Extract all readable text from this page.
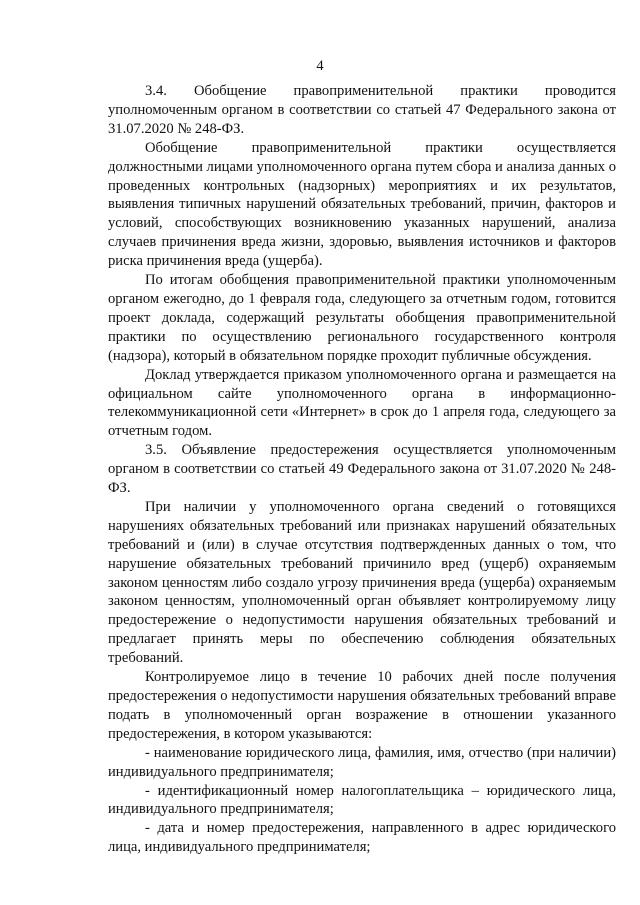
4

3.4. Обобщение правоприменительной практики проводится уполномоченным органом в соответствии со статьей 47 Федерального закона от 31.07.2020 № 248-ФЗ.

Обобщение правоприменительной практики осуществляется должностными лицами уполномоченного органа путем сбора и анализа данных о проведенных контрольных (надзорных) мероприятиях и их результатов, выявления типичных нарушений обязательных требований, причин, факторов и условий, способствующих возникновению указанных нарушений, анализа случаев причинения вреда жизни, здоровью, выявления источников и факторов риска причинения вреда (ущерба).

По итогам обобщения правоприменительной практики уполномоченным органом ежегодно, до 1 февраля года, следующего за отчетным годом, готовится проект доклада, содержащий результаты обобщения правоприменительной практики по осуществлению регионального государственного контроля (надзора), который в обязательном порядке проходит публичные обсуждения.

Доклад утверждается приказом уполномоченного органа и размещается на официальном сайте уполномоченного органа в информационно-телекоммуникационной сети «Интернет» в срок до 1 апреля года, следующего за отчетным годом.

3.5. Объявление предостережения осуществляется уполномоченным органом в соответствии со статьей 49 Федерального закона от 31.07.2020 № 248-ФЗ.

При наличии у уполномоченного органа сведений о готовящихся нарушениях обязательных требований или признаках нарушений обязательных требований и (или) в случае отсутствия подтвержденных данных о том, что нарушение обязательных требований причинило вред (ущерб) охраняемым законом ценностям либо создало угрозу причинения вреда (ущерба) охраняемым законом ценностям, уполномоченный орган объявляет контролируемому лицу предостережение о недопустимости нарушения обязательных требований и предлагает принять меры по обеспечению соблюдения обязательных требований.

Контролируемое лицо в течение 10 рабочих дней после получения предостережения о недопустимости нарушения обязательных требований вправе подать в уполномоченный орган возражение в отношении указанного предостережения, в котором указываются:

- наименование юридического лица, фамилия, имя, отчество (при наличии) индивидуального предпринимателя;

- идентификационный номер налогоплательщика – юридического лица, индивидуального предпринимателя;

- дата и номер предостережения, направленного в адрес юридического лица, индивидуального предпринимателя;
